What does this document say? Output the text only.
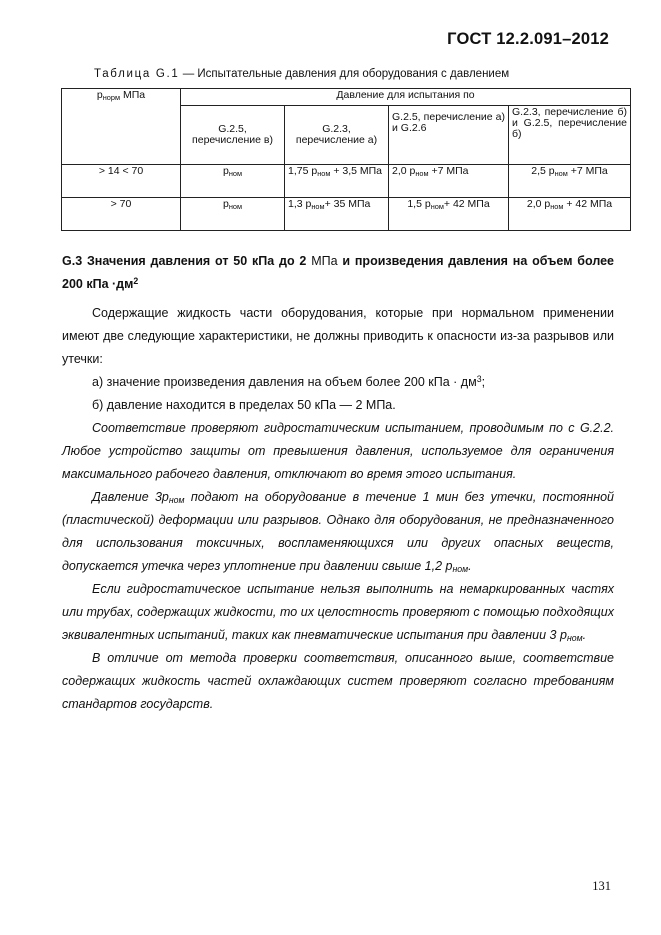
ГОСТ 12.2.091–2012
Таблица G.1 — Испытательные давления для оборудования с давлением
$p_{норм}$ МПа	Давление для испытания по			
	G.2.5, перечисление в)	G.2.3, перечисление а)	G.2.5, перечисление а) и G.2.6	G.2.3, перечисление б) и G.2.5, перечисление б)
> 14 < 70	$p_{ном}$	1,75 $p_{ном} + 3,5$ МПа	2,0 $p_{ном} +7$ МПа	2,5 $p_{ном} +7$ МПа
> 70	$p_{ном}$	1,3 $p_{ном}+ 35$ МПа	1,5 $p_{ном}+ 42$ МПа	2,0 $p_{ном} + 42$ МПа
G.3 Значения давления от 50 кПа до 2 МПа и произведения давления на объем более 200 кПа $\cdot дм^2$

Содержащие жидкость части оборудования, которые при нормальном применении имеют две следующие характеристики, не должны приводить к опасности из-за разрывов или утечки:

а) значение произведения давления на объем более 200 кПа · $дм^3$;

б) давление находится в пределах 50 кПа — 2 МПа.

Соответствие проверяют гидростатическим испытанием, проводимым по с G.2.2. Любое устройство защиты от превышения давления, используемое для ограничения максимального рабочего давления, отключают во время этого испытания.

Давление $3р_{ном}$ подают на оборудование в течение 1 мин без утечки, постоянной (пластической) деформации или разрывов. Однако для оборудования, не предназначенного для использования токсичных, воспламеняющихся или других опасных веществ, допускается утечка через уплотнение при давлении свыше 1,2 $р_{ном}$.

Если гидростатическое испытание нельзя выполнить на немаркированных частях или трубах, содержащих жидкости, то их целостность проверяют с помощью подходящих эквивалентных испытаний, таких как пневматические испытания при давлении 3 $р_{ном}$.

В отличие от метода проверки соответствия, описанного выше, соответствие содержащих жидкость частей охлаждающих систем проверяют согласно требованиям стандартов государств.

131
